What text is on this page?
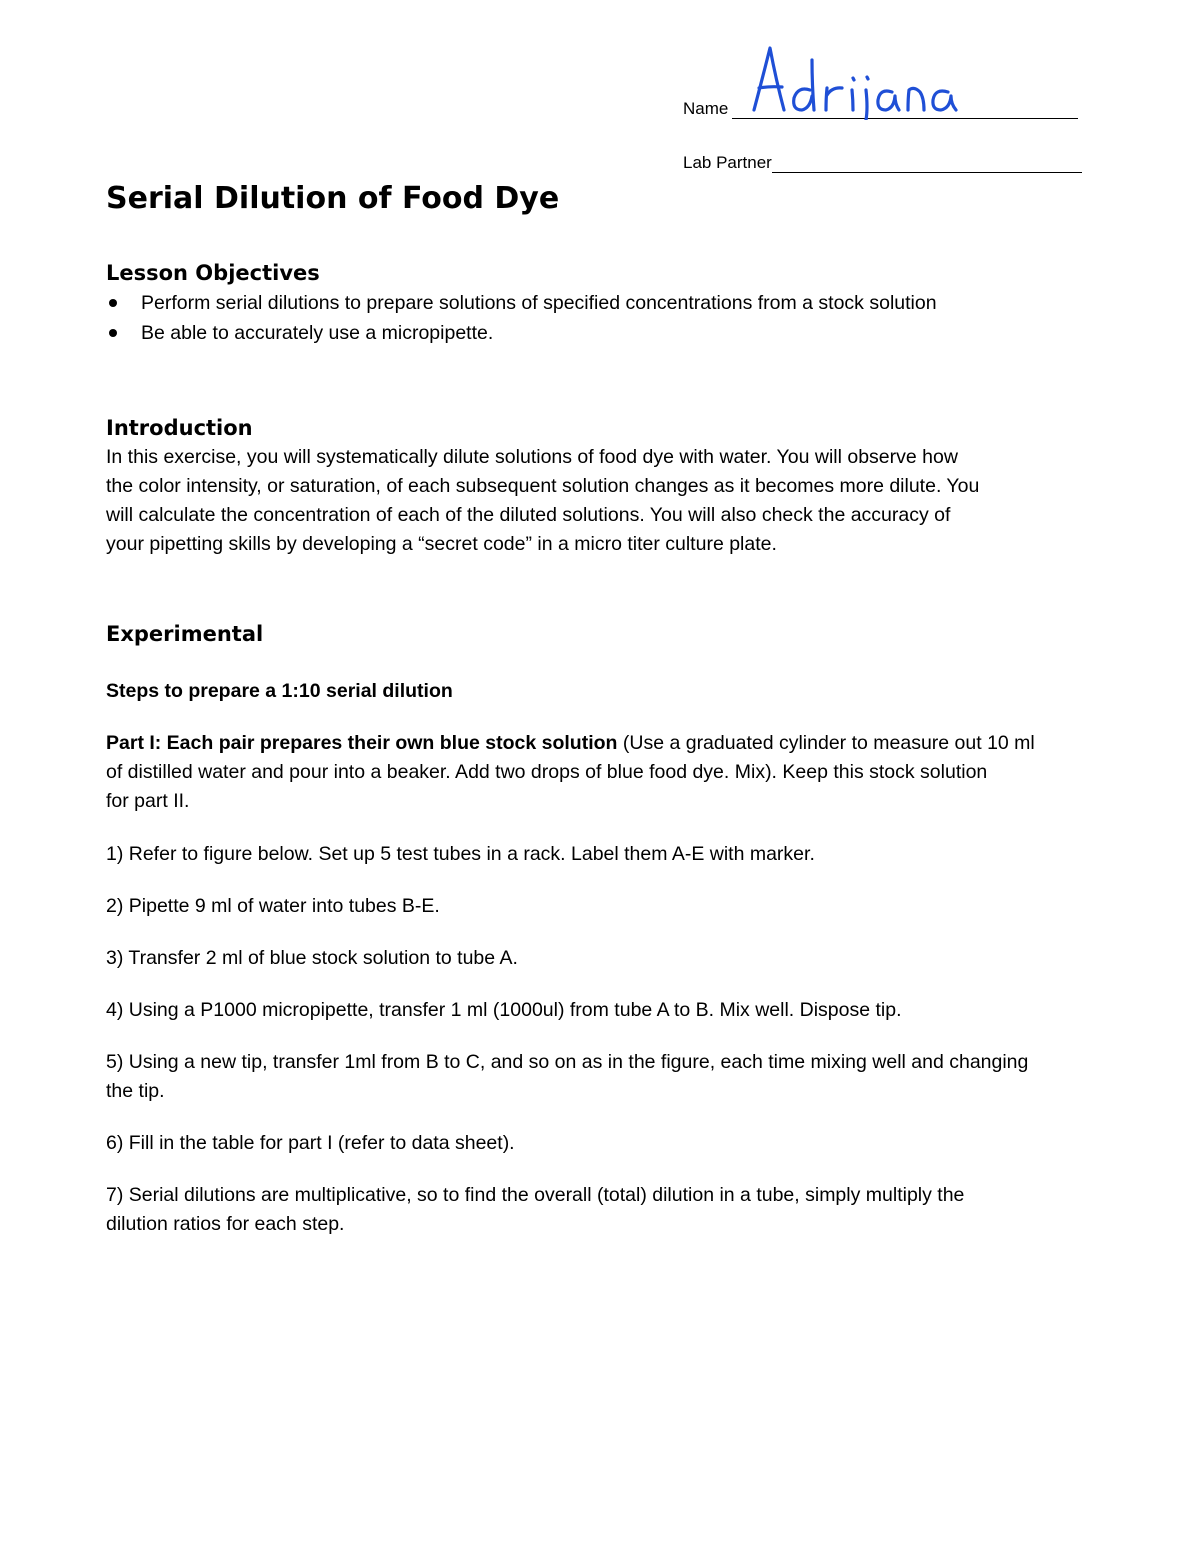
Name
Lab Partner
Serial Dilution of Food Dye
Lesson Objectives
Perform serial dilutions to prepare solutions of specified concentrations from a stock solution
Be able to accurately use a micropipette.
Introduction

In this exercise, you will systematically dilute solutions of food dye with water. You will observe how
the color intensity, or saturation, of each subsequent solution changes as it becomes more dilute. You
will calculate the concentration of each of the diluted solutions. You will also check the accuracy of
your pipetting skills by developing a “secret code” in a micro titer culture plate.

Experimental

Steps to prepare a 1:10 serial dilution

Part I: Each pair prepares their own blue stock solution (Use a graduated cylinder to measure out 10 ml
of distilled water and pour into a beaker. Add two drops of blue food dye. Mix). Keep this stock solution
for part II.

1) Refer to figure below. Set up 5 test tubes in a rack. Label them A-E with marker.

2) Pipette 9 ml of water into tubes B-E.

3) Transfer 2 ml of blue stock solution to tube A.

4) Using a P1000 micropipette, transfer 1 ml (1000ul) from tube A to B. Mix well. Dispose tip.

5) Using a new tip, transfer 1ml from B to C, and so on as in the figure, each time mixing well and changing
the tip.

6) Fill in the table for part I (refer to data sheet).

7) Serial dilutions are multiplicative, so to find the overall (total) dilution in a tube, simply multiply the
dilution ratios for each step.
